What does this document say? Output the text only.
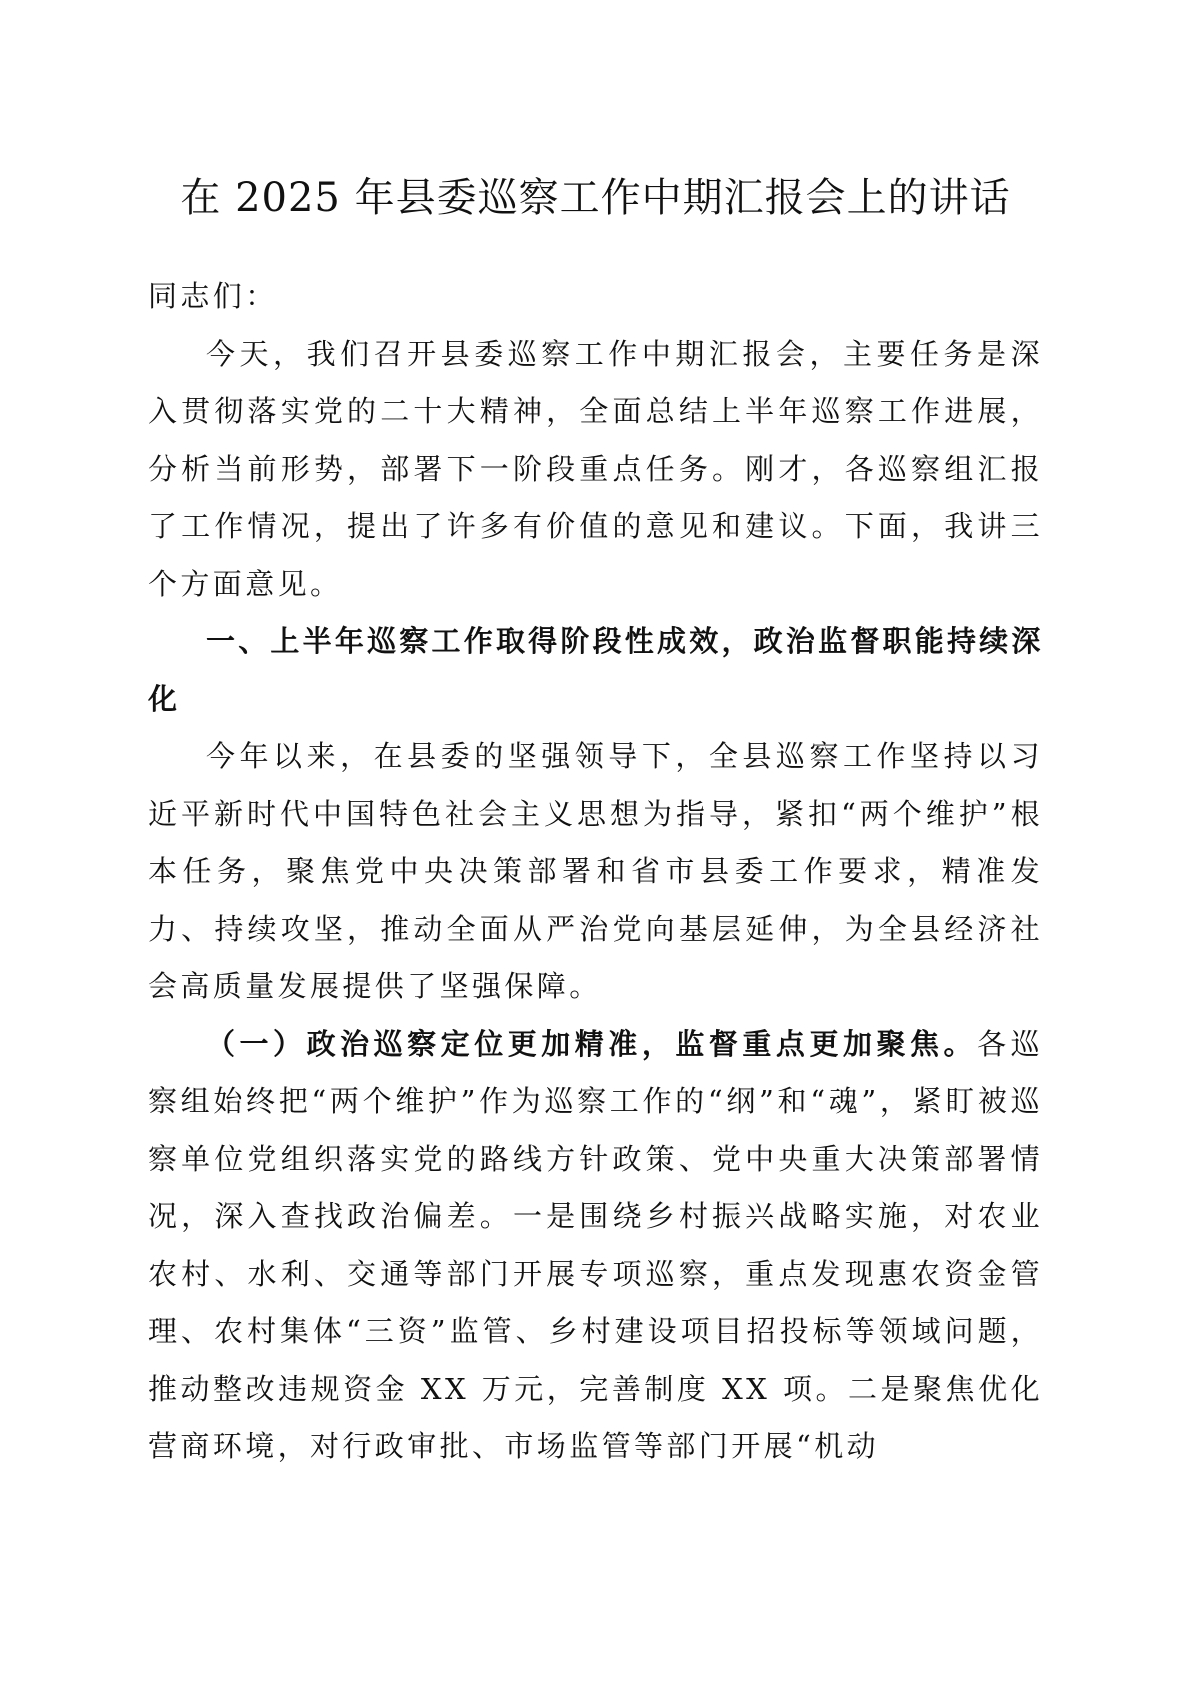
在 2025 年县委巡察工作中期汇报会上的讲话

同志们：

今天，我们召开县委巡察工作中期汇报会，主要任务是深入贯彻落实党的二十大精神，全面总结上半年巡察工作进展，分析当前形势，部署下一阶段重点任务。刚才，各巡察组汇报了工作情况，提出了许多有价值的意见和建议。下面，我讲三个方面意见。

一、上半年巡察工作取得阶段性成效，政治监督职能持续深化

今年以来，在县委的坚强领导下，全县巡察工作坚持以习近平新时代中国特色社会主义思想为指导，紧扣“两个维护”根本任务，聚焦党中央决策部署和省市县委工作要求，精准发力、持续攻坚，推动全面从严治党向基层延伸，为全县经济社会高质量发展提供了坚强保障。

（一）政治巡察定位更加精准，监督重点更加聚焦。各巡察组始终把“两个维护”作为巡察工作的“纲”和“魂”，紧盯被巡察单位党组织落实党的路线方针政策、党中央重大决策部署情况，深入查找政治偏差。一是围绕乡村振兴战略实施，对农业农村、水利、交通等部门开展专项巡察，重点发现惠农资金管理、农村集体“三资”监管、乡村建设项目招投标等领域问题，推动整改违规资金 XX 万元，完善制度 XX 项。二是聚焦优化营商环境，对行政审批、市场监管等部门开展“机动
